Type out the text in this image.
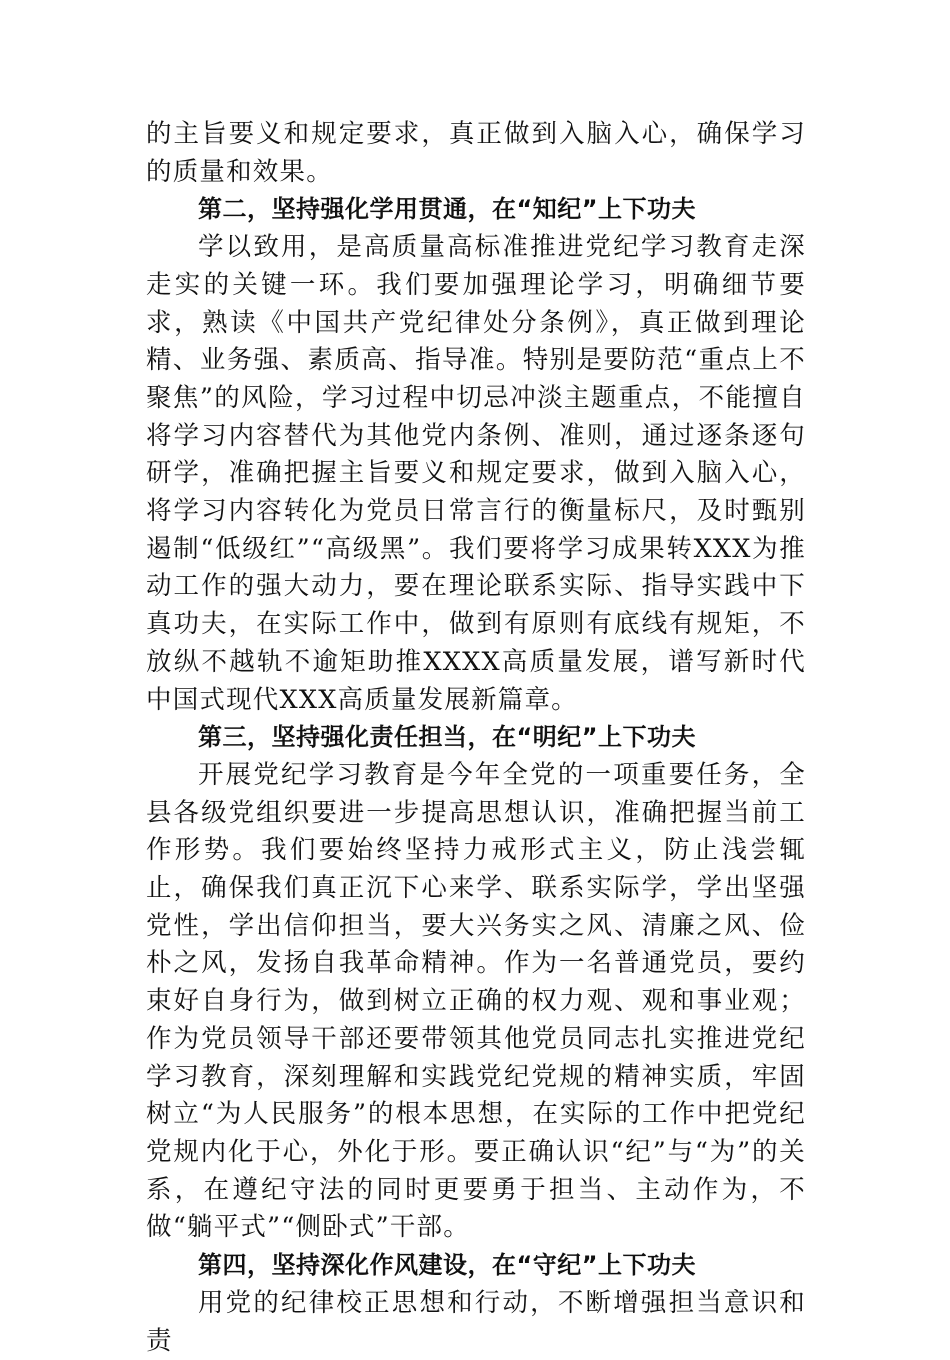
的主旨要义和规定要求，真正做到入脑入心，确保学习的质量和效果。

第二，坚持强化学用贯通，在“知纪”上下功夫

学以致用，是高质量高标准推进党纪学习教育走深走实的关键一环。我们要加强理论学习，明确细节要求，熟读《中国共产党纪律处分条例》，真正做到理论精、业务强、素质高、指导准。特别是要防范“重点上不聚焦”的风险，学习过程中切忌冲淡主题重点，不能擅自将学习内容替代为其他党内条例、准则，通过逐条逐句研学，准确把握主旨要义和规定要求，做到入脑入心，将学习内容转化为党员日常言行的衡量标尺，及时甄别遏制“低级红”“高级黑”。我们要将学习成果转XXX为推动工作的强大动力，要在理论联系实际、指导实践中下真功夫，在实际工作中，做到有原则有底线有规矩，不放纵不越轨不逾矩助推XXXX高质量发展，谱写新时代中国式现代XXX高质量发展新篇章。

第三，坚持强化责任担当，在“明纪”上下功夫

开展党纪学习教育是今年全党的一项重要任务，全县各级党组织要进一步提高思想认识，准确把握当前工作形势。我们要始终坚持力戒形式主义，防止浅尝辄止，确保我们真正沉下心来学、联系实际学，学出坚强党性，学出信仰担当，要大兴务实之风、清廉之风、俭朴之风，发扬自我革命精神。作为一名普通党员，要约束好自身行为，做到树立正确的权力观、观和事业观；作为党员领导干部还要带领其他党员同志扎实推进党纪学习教育，深刻理解和实践党纪党规的精神实质，牢固树立“为人民服务”的根本思想，在实际的工作中把党纪党规内化于心，外化于形。要正确认识“纪”与“为”的关系，在遵纪守法的同时更要勇于担当、主动作为，不做“躺平式”“侧卧式”干部。

第四，坚持深化作风建设，在“守纪”上下功夫

用党的纪律校正思想和行动，不断增强担当意识和责
